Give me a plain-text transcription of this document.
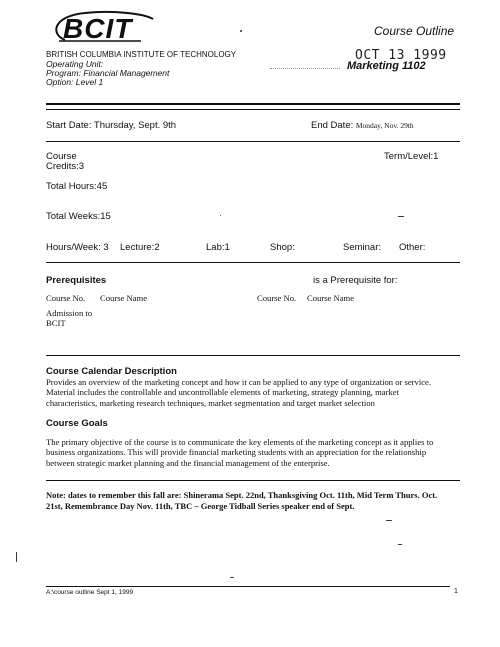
BCIT
BRITISH COLUMBIA INSTITUTE OF TECHNOLOGY
Operating Unit:
Program: Financial Management
Option: Level 1
Course Outline
OCT 13 1999
Marketing 1102
Start Date: Thursday, Sept. 9th	End Date: Monday, Nov. 29th
Course
Credits:3
Term/Level:1
Total Hours:45
Total Weeks:15
Hours/Week: 3 Lecture:2	Lab:1	Shop:	Seminar: Other:
Prerequisites	is a Prerequisite for:
Course No. Course Name	Course No. Course Name
Admission to
BCIT
Course Calendar Description
Provides an overview of the marketing concept and how it can be applied to any type of organization or service.
Material includes the controllable and uncontrollable elements of marketing, strategy planning, market
characteristics, marketing research techniques, market segmentation and target market selection
Course Goals
The primary objective of the course is to communicate the key elements of the marketing concept as it applies to
business organizations. This will provide financial marketing students with an appreciation for the relationship
between strategic market planning and the financial management of the enterprise.
Note: dates to remember this fall are: Shinerama Sept. 22nd, Thanksgiving Oct. 11th, Mid Term Thurs. Oct.
21st, Remembrance Day Nov. 11th, TBC – George Tidball Series speaker end of Sept.
A:\course outline Sept 1, 1999	1
